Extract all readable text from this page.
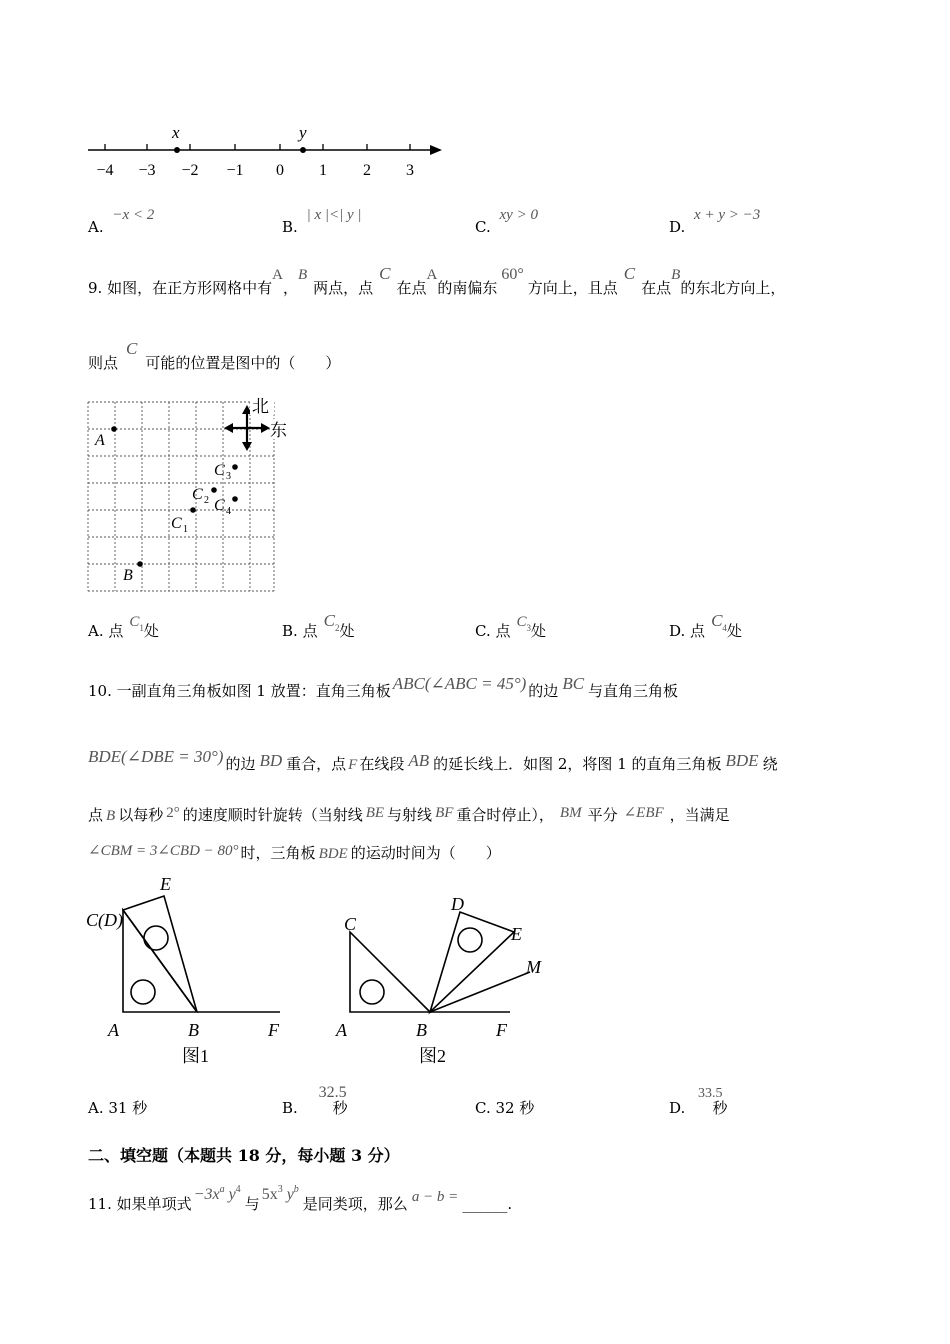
x	y
−4 −3 −2 −1 0 1 2 3
A. −x < 2
B. | x |<| y |
C. xy > 0
D. x + y > −3
9. 如图，在正方形网格中有A，B两点，点C在点A的南偏东60°方向上，且点C在点B的东北方向上，
则点C可能的位置是图中的（　　）
北
东
A
B
C 1
C 2
C 3
C 4
A. 点 $C^1$处	B. 点$C^2$处	C. 点 $C^3$处	D. 点$C^4$处
10. 一副直角三角板如图 1 放置：直角三角板 ABC(∠ABC = 45°) 的边 BC 与直角三角板
BDE(∠DBE = 30°) 的边 BD 重合，点 F 在线段 AB 的延长线上．如图 2，将图 1 的直角三角板 BDE 绕
点 B 以每秒 2° 的速度顺时针旋转（当射线 BE 与射线 BF 重合时停止）， BM 平分 ∠EBF ，当满足
∠CBM = 3∠CBD − 80° 时，三角板 BDE 的运动时间为（　　）
E
C(D)
A	B	F
图1
C
D
E
M
A	B	F
图2
A. 31 秒	B. 32.5秒	C. 32 秒	D. 33.5秒
二、填空题（本题共 18 分，每小题 3 分）
11. 如果单项式$-3x^a$ $y^4$与$5x^3$ $y^b$是同类项，那么 a − b = ______.
